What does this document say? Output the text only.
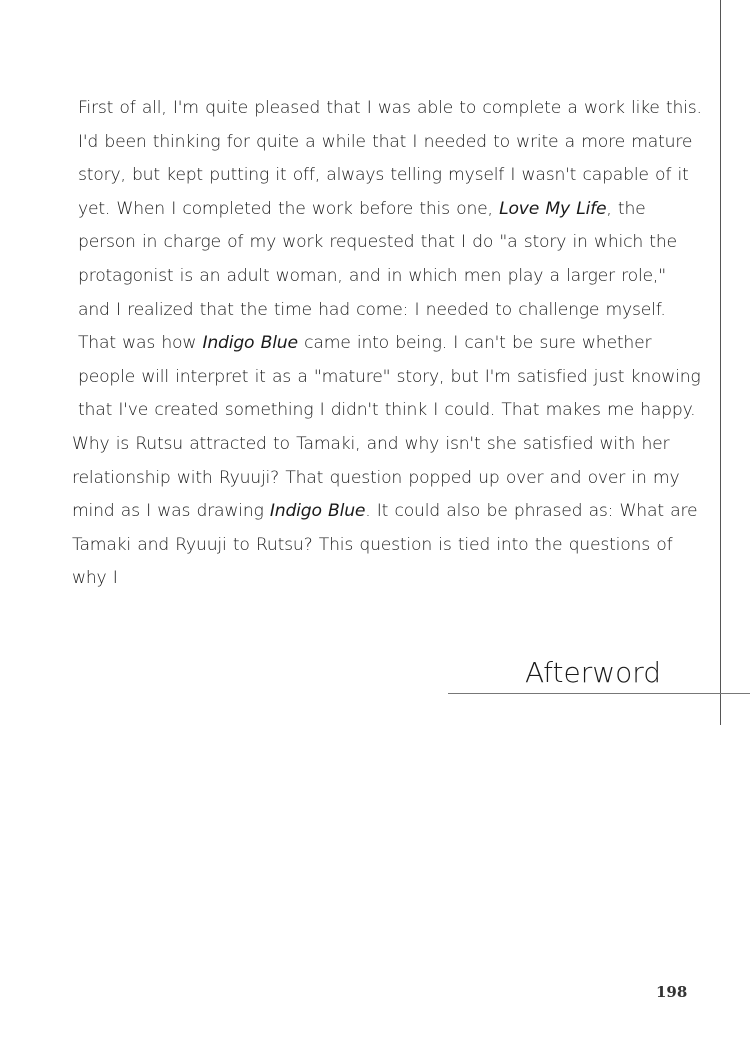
First of all, I'm quite pleased that I was able to complete a work like this.

I'd been thinking for quite a while that I needed to write a more mature story, but kept putting it off, always telling myself I wasn't capable of it yet. When I completed the work before this one, Love My Life, the person in charge of my work requested that I do "a story in which the protagonist is an adult woman, and in which men play a larger role," and I realized that the time had come: I needed to challenge myself. That was how Indigo Blue came into being. I can't be sure whether people will interpret it as a "mature" story, but I'm satisfied just knowing that I've created something I didn't think I could. That makes me happy.

Why is Rutsu attracted to Tamaki, and why isn't she satisfied with her relationship with Ryuuji? That question popped up over and over in my mind as I was drawing Indigo Blue. It could also be phrased as: What are Tamaki and Ryuuji to Rutsu? This question is tied into the questions of why I

Afterword
198
